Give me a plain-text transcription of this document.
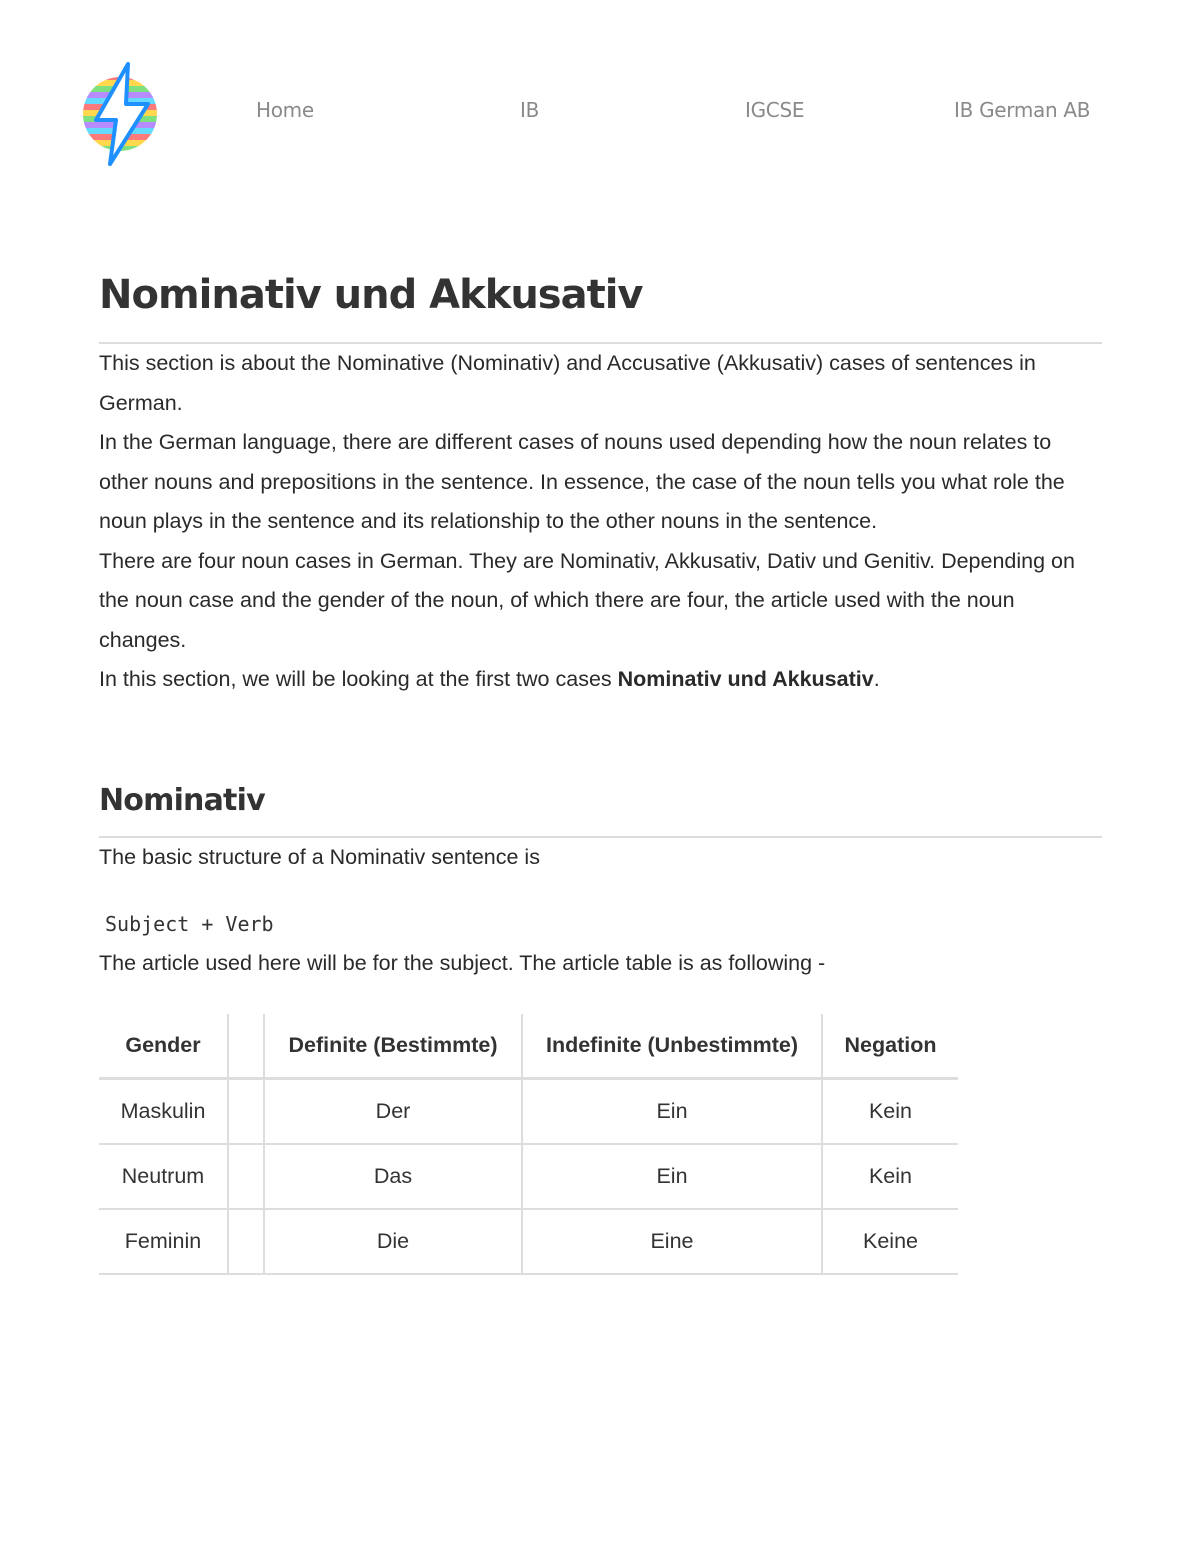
Home	IB	IGCSE	IB German AB
Nominativ und Akkusativ

This section is about the Nominative (Nominativ) and Accusative (Akkusativ) cases of sentences in German.

In the German language, there are different cases of nouns used depending how the noun relates to other nouns and prepositions in the sentence. In essence, the case of the noun tells you what role the noun plays in the sentence and its relationship to the other nouns in the sentence.

There are four noun cases in German. They are Nominativ, Akkusativ, Dativ und Genitiv. Depending on the noun case and the gender of the noun, of which there are four, the article used with the noun changes.

In this section, we will be looking at the first two cases Nominativ und Akkusativ.

Nominativ

The basic structure of a Nominativ sentence is

Subject + Verb

The article used here will be for the subject. The article table is as following -

Gender		Definite (Bestimmte)	Indefinite (Unbestimmte)	Negation
Maskulin		Der	Ein	Kein
Neutrum		Das	Ein	Kein
Feminin		Die	Eine	Keine
